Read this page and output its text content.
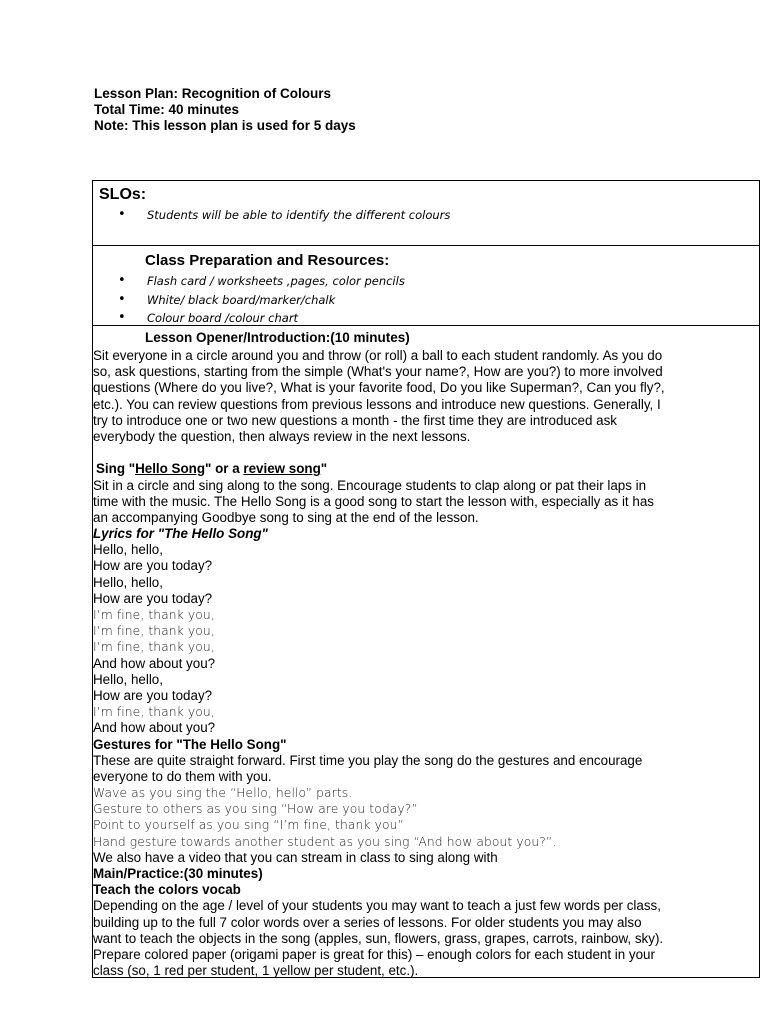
Lesson Plan: Recognition of Colours
Total Time: 40 minutes
Note: This lesson plan is used for 5 days
SLOs:
• Students will be able to identify the different colours
Class Preparation and Resources:
• Flash card / worksheets ,pages, color pencils
• White/ black board/marker/chalk
• Colour board /colour chart
Lesson Opener/Introduction:(10 minutes)
Sit everyone in a circle around you and throw (or roll) a ball to each student randomly. As you do
so, ask questions, starting from the simple (What's your name?, How are you?) to more involved
questions (Where do you live?, What is your favorite food, Do you like Superman?, Can you fly?,
etc.). You can review questions from previous lessons and introduce new questions. Generally, I
try to introduce one or two new questions a month - the first time they are introduced ask
everybody the question, then always review in the next lessons.
Sing "Hello Song" or a review song"
Sit in a circle and sing along to the song. Encourage students to clap along or pat their laps in
time with the music. The Hello Song is a good song to start the lesson with, especially as it has
an accompanying Goodbye song to sing at the end of the lesson.
Lyrics for "The Hello Song"
Hello, hello,
How are you today?
Hello, hello,
How are you today?
I’m fine, thank you,
I’m fine, thank you,
I’m fine, thank you,
And how about you?
Hello, hello,
How are you today?
I’m fine, thank you,
And how about you?
Gestures for "The Hello Song"
These are quite straight forward. First time you play the song do the gestures and encourage
everyone to do them with you.
Wave as you sing the “Hello, hello” parts.
Gesture to others as you sing “How are you today?”
Point to yourself as you sing “I’m fine, thank you”
Hand gesture towards another student as you sing “And how about you?”.
We also have a video that you can stream in class to sing along with
Main/Practice:(30 minutes)
Teach the colors vocab
Depending on the age / level of your students you may want to teach a just few words per class,
building up to the full 7 color words over a series of lessons. For older students you may also
want to teach the objects in the song (apples, sun, flowers, grass, grapes, carrots, rainbow, sky).
Prepare colored paper (origami paper is great for this) – enough colors for each student in your
class (so, 1 red per student, 1 yellow per student, etc.).
